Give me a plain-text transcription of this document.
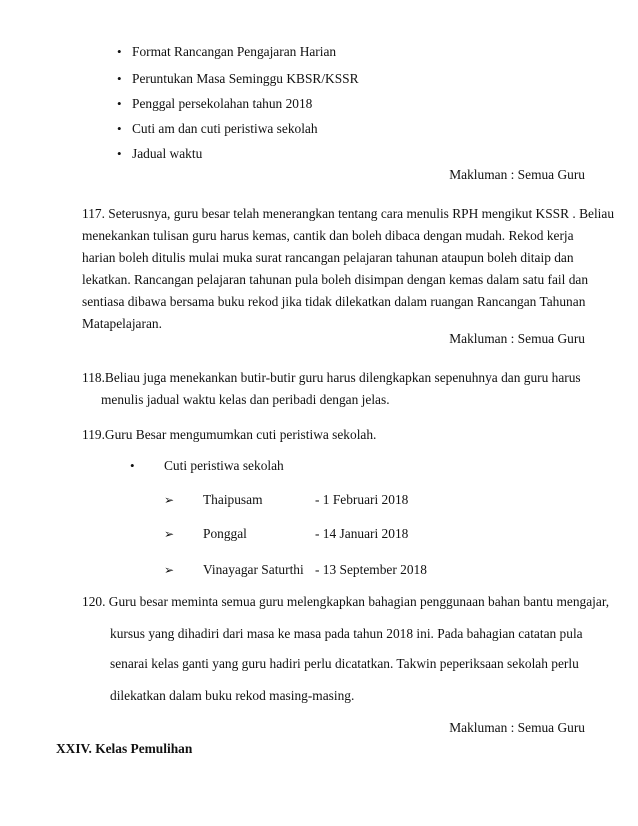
• Format Rancangan Pengajaran Harian
• Peruntukan Masa Seminggu KBSR/KSSR
• Penggal persekolahan tahun 2018
• Cuti am dan cuti peristiwa sekolah
• Jadual waktu
Makluman : Semua Guru
117. Seterusnya, guru besar telah menerangkan tentang cara menulis RPH mengikut KSSR . Beliau
menekankan tulisan guru harus kemas, cantik dan boleh dibaca dengan mudah. Rekod kerja
harian boleh ditulis mulai muka surat rancangan pelajaran tahunan ataupun boleh ditaip dan
lekatkan. Rancangan pelajaran tahunan pula boleh disimpan dengan kemas dalam satu fail dan
sentiasa dibawa bersama buku rekod jika tidak dilekatkan dalam ruangan Rancangan Tahunan
Matapelajaran.
Makluman : Semua Guru
118.Beliau juga menekankan butir-butir guru harus dilengkapkan sepenuhnya dan guru harus
menulis jadual waktu kelas dan peribadi dengan jelas.
119.Guru Besar mengumumkan cuti peristiwa sekolah.
• Cuti peristiwa sekolah
➢ Thaipusam	- 1 Februari 2018
➢ Ponggal	- 14 Januari 2018
➢ Vinayagar Saturthi - 13 September 2018
120. Guru besar meminta semua guru melengkapkan bahagian penggunaan bahan bantu mengajar,
kursus yang dihadiri dari masa ke masa pada tahun 2018 ini. Pada bahagian catatan pula
senarai kelas ganti yang guru hadiri perlu dicatatkan. Takwin peperiksaan sekolah perlu
dilekatkan dalam buku rekod masing-masing.
Makluman : Semua Guru
XXIV. Kelas Pemulihan
